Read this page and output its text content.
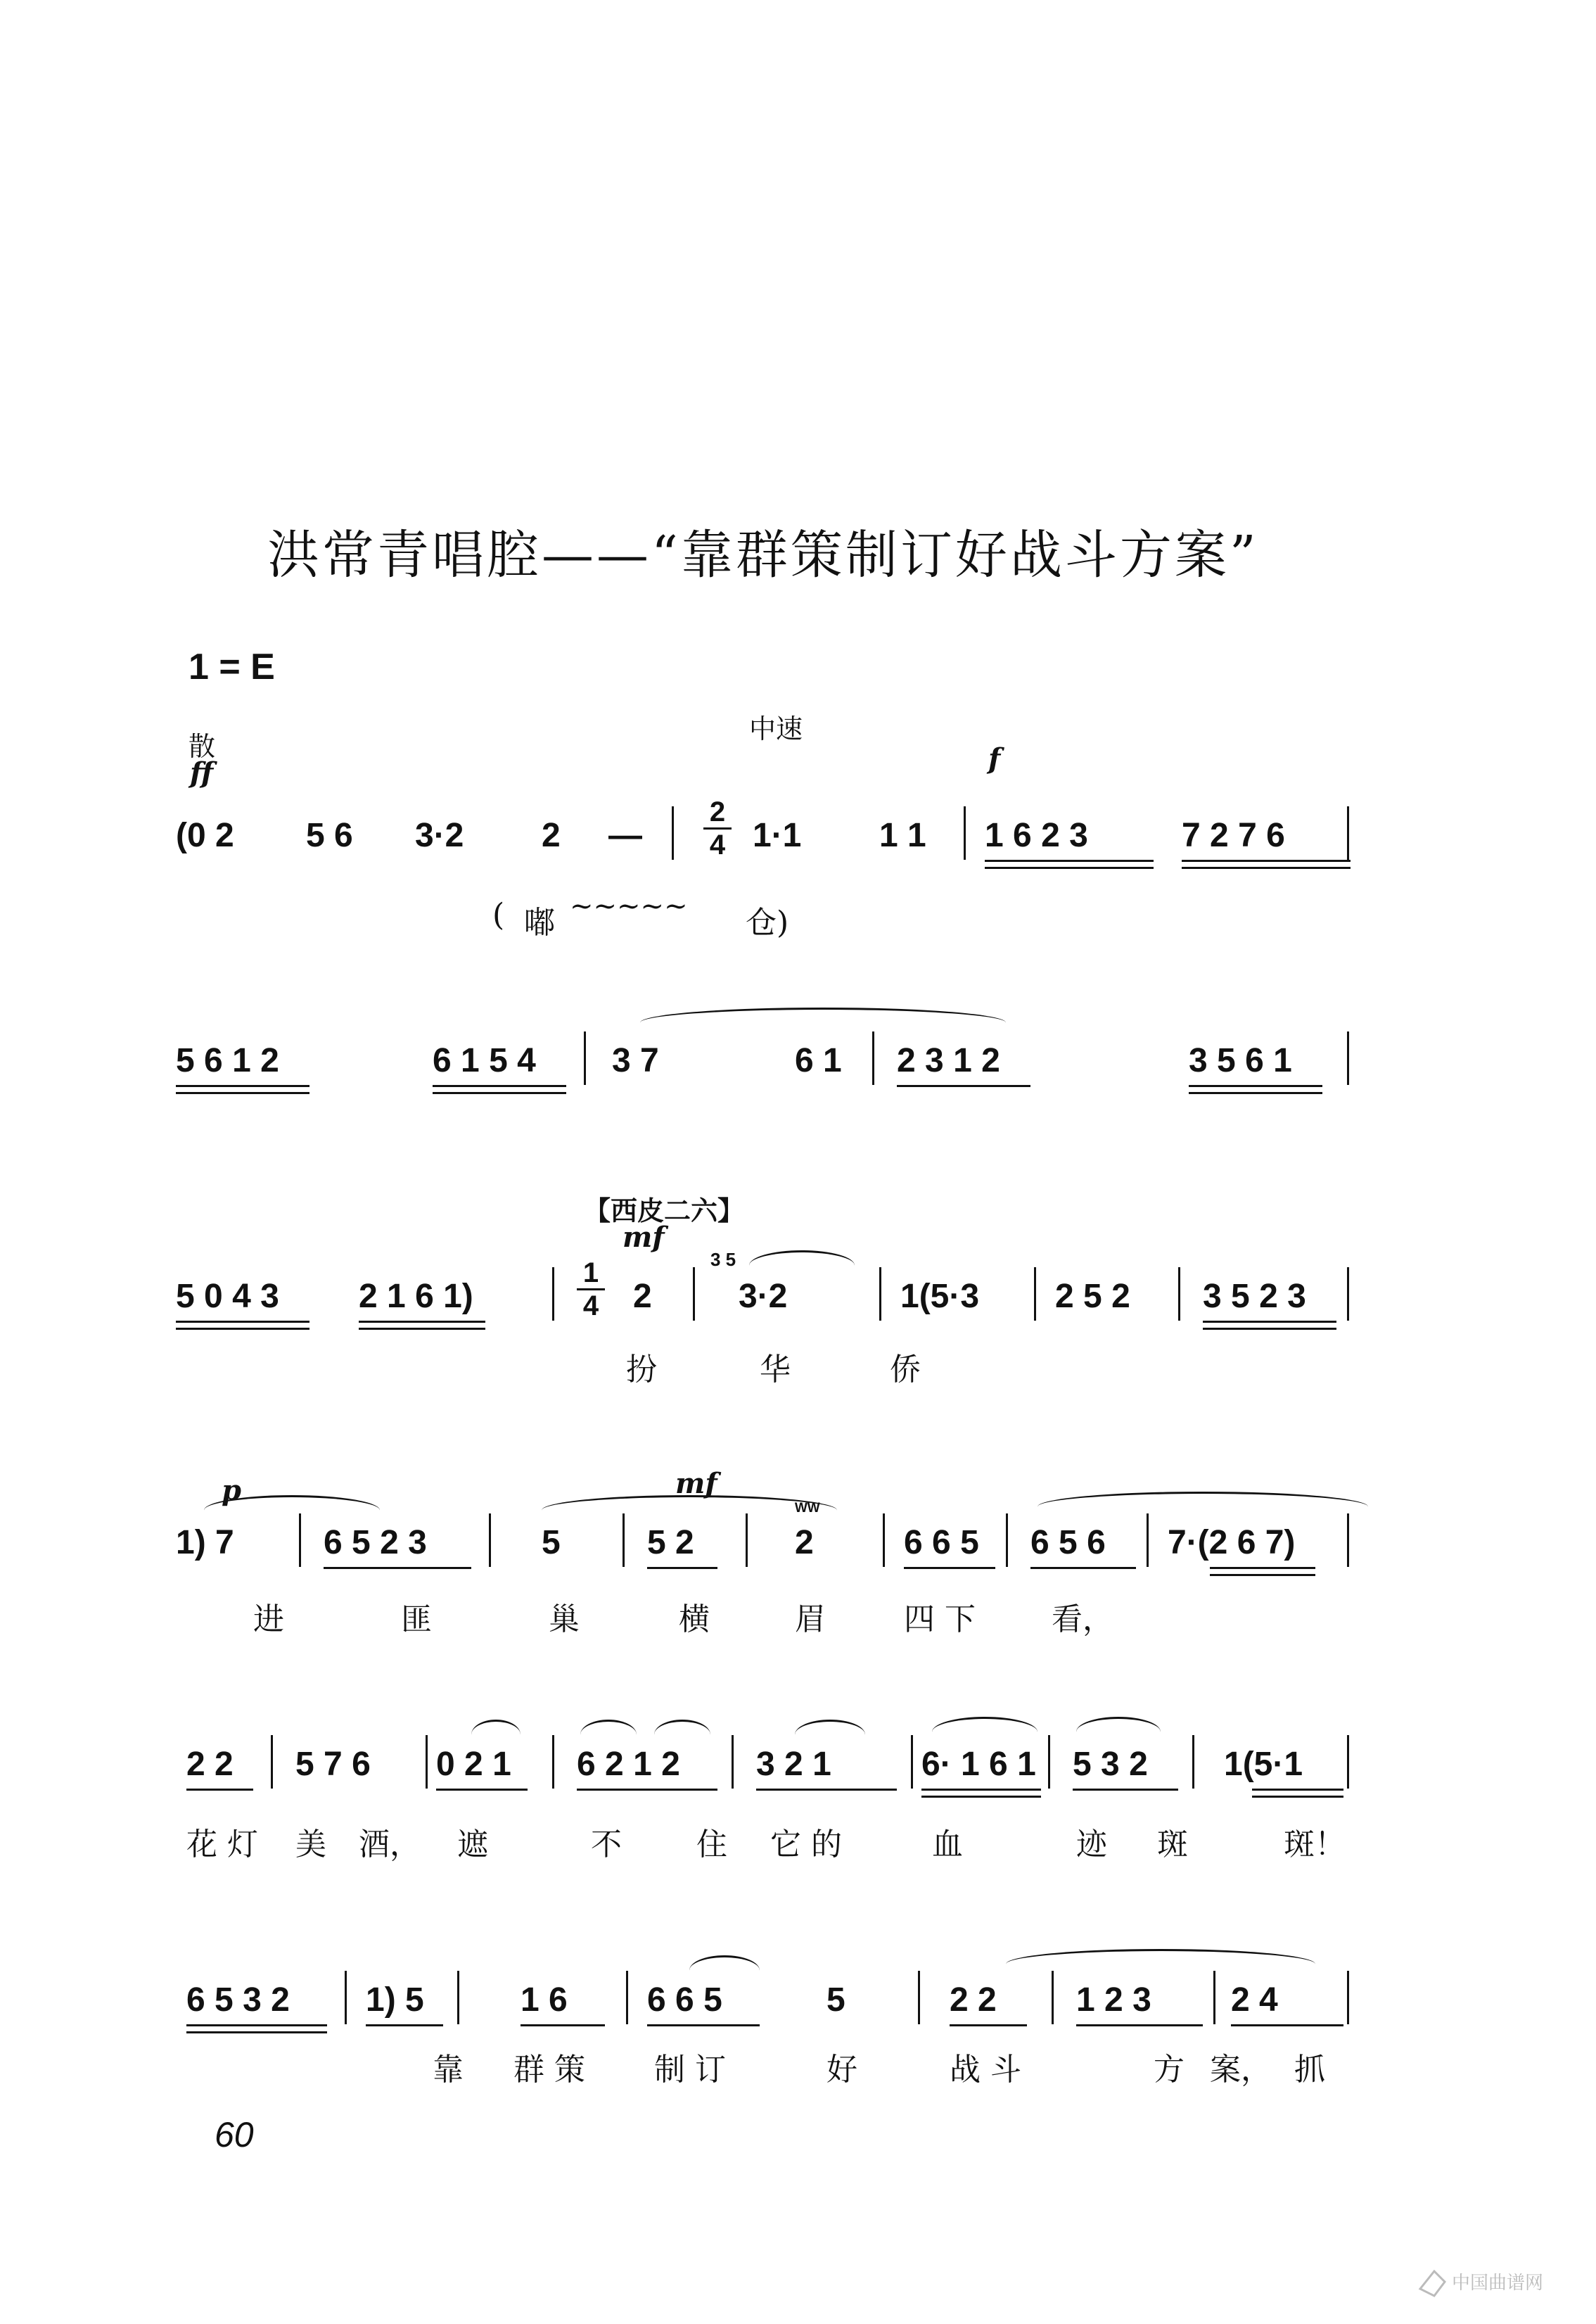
洪常青唱腔——“靠群策制订好战斗方案”
1 = E
散
ff
中速
f
(0 2 5 6 3·2 2 —
2
4 1·1 1 1 1 6 2 3	7 2 7 6
( 嘟 ~~~~~ 仓)
5 6 1 2	6 1 5 4 3 7	6 1 2 3 1 2	3 5 6 1
【西皮二六】
mf
5 0 4 3 2 1 6 1)
1
4 2
3 5
3·2	1(5·3 2 5 2 3 5 2 3
扮	华	侨
p	mf
1) 7	6 5 2 3	5	5 2
ᵂᵂ
2	6 6 5 6 5 6 7·(2 6 7)
进	匪	巢	横	眉	四 下 看，
2 2 5 7 6 0 2 1 6 2 1 2 3 2 1	6· 1 6 1 5 3 2 1(5·1
花 灯 美 酒， 遮	不 住 它 的	血	迹 斑	斑！
6 5 3 2 1) 5	1 6 6 6 5	5	2 2 1 2 3 2 4
靠 群 策 制 订	好	战 斗	方 案， 抓
60
中国曲谱网
